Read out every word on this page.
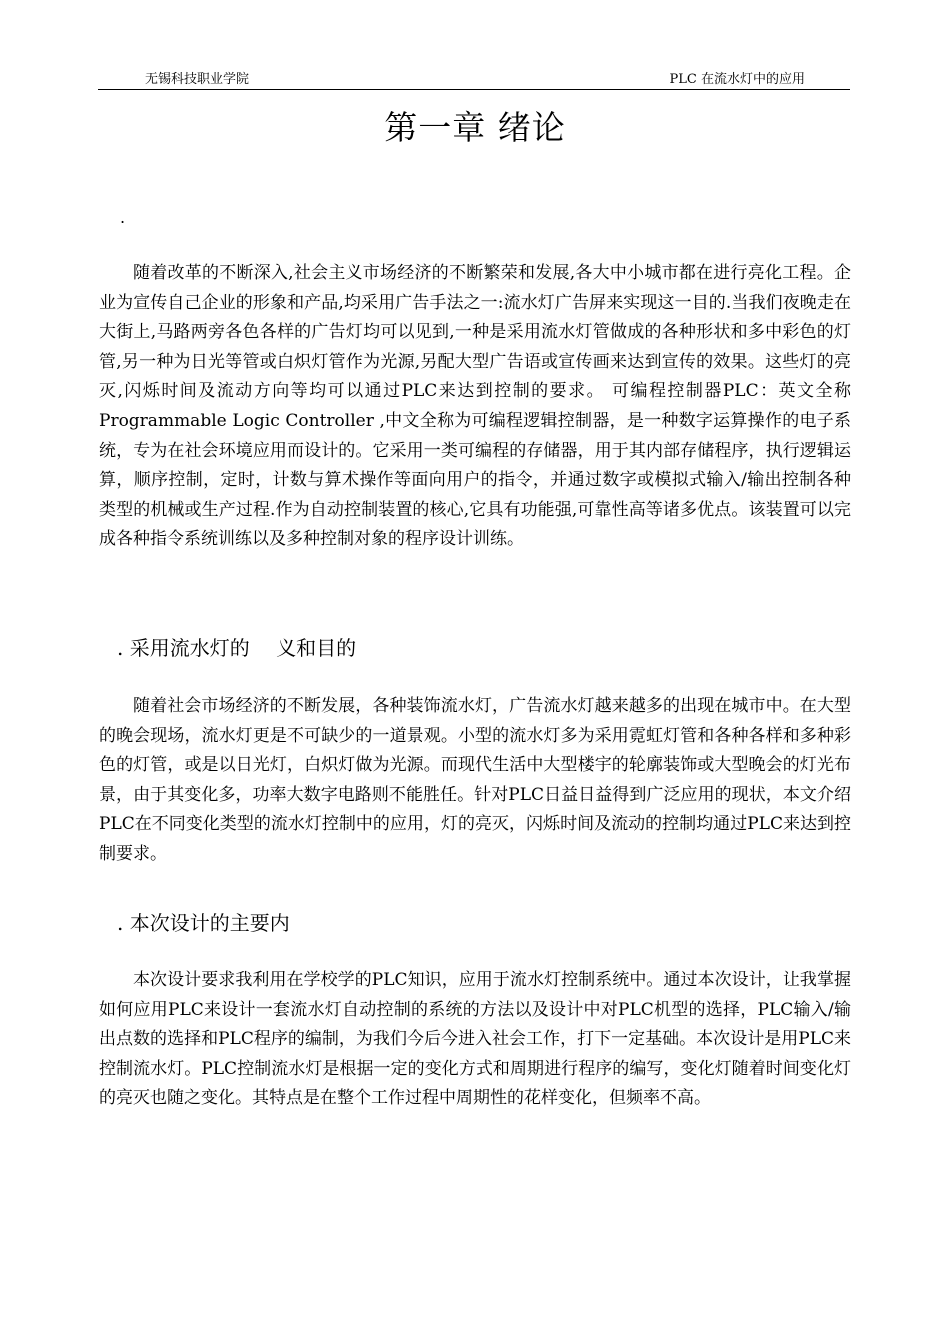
无锡科技职业学院	PLC 在流水灯中的应用
第一章 绪论
.

随着改革的不断深入,社会主义市场经济的不断繁荣和发展,各大中小城市都在进行亮化工程。企业为宣传自己企业的形象和产品,均采用广告手法之一:流水灯广告屏来实现这一目的.当我们夜晚走在大街上,马路两旁各色各样的广告灯均可以见到,一种是采用流水灯管做成的各种形状和多中彩色的灯管,另一种为日光等管或白炽灯管作为光源,另配大型广告语或宣传画来达到宣传的效果。这些灯的亮灭,闪烁时间及流动方向等均可以通过PLC来达到控制的要求。 可编程控制器PLC：英文全称Programmable Logic Controller ,中文全称为可编程逻辑控制器，是一种数字运算操作的电子系统，专为在社会环境应用而设计的。它采用一类可编程的存储器，用于其内部存储程序，执行逻辑运算，顺序控制，定时，计数与算术操作等面向用户的指令，并通过数字或模拟式输入/输出控制各种类型的机械或生产过程.作为自动控制装置的核心,它具有功能强,可靠性高等诸多优点。该装置可以完成各种指令系统训练以及多种控制对象的程序设计训练。

. 采用流水灯的　 义和目的

随着社会市场经济的不断发展，各种装饰流水灯，广告流水灯越来越多的出现在城市中。在大型的晚会现场，流水灯更是不可缺少的一道景观。小型的流水灯多为采用霓虹灯管和各种各样和多种彩色的灯管，或是以日光灯，白炽灯做为光源。而现代生活中大型楼宇的轮廓装饰或大型晚会的灯光布景，由于其变化多，功率大数字电路则不能胜任。针对PLC日益日益得到广泛应用的现状，本文介绍PLC在不同变化类型的流水灯控制中的应用，灯的亮灭，闪烁时间及流动的控制均通过PLC来达到控制要求。

. 本次设计的主要内

本次设计要求我利用在学校学的PLC知识，应用于流水灯控制系统中。通过本次设计，让我掌握如何应用PLC来设计一套流水灯自动控制的系统的方法以及设计中对PLC机型的选择，PLC输入/输出点数的选择和PLC程序的编制，为我们今后今进入社会工作，打下一定基础。本次设计是用PLC来控制流水灯。PLC控制流水灯是根据一定的变化方式和周期进行程序的编写，变化灯随着时间变化灯的亮灭也随之变化。其特点是在整个工作过程中周期性的花样变化，但频率不高。
